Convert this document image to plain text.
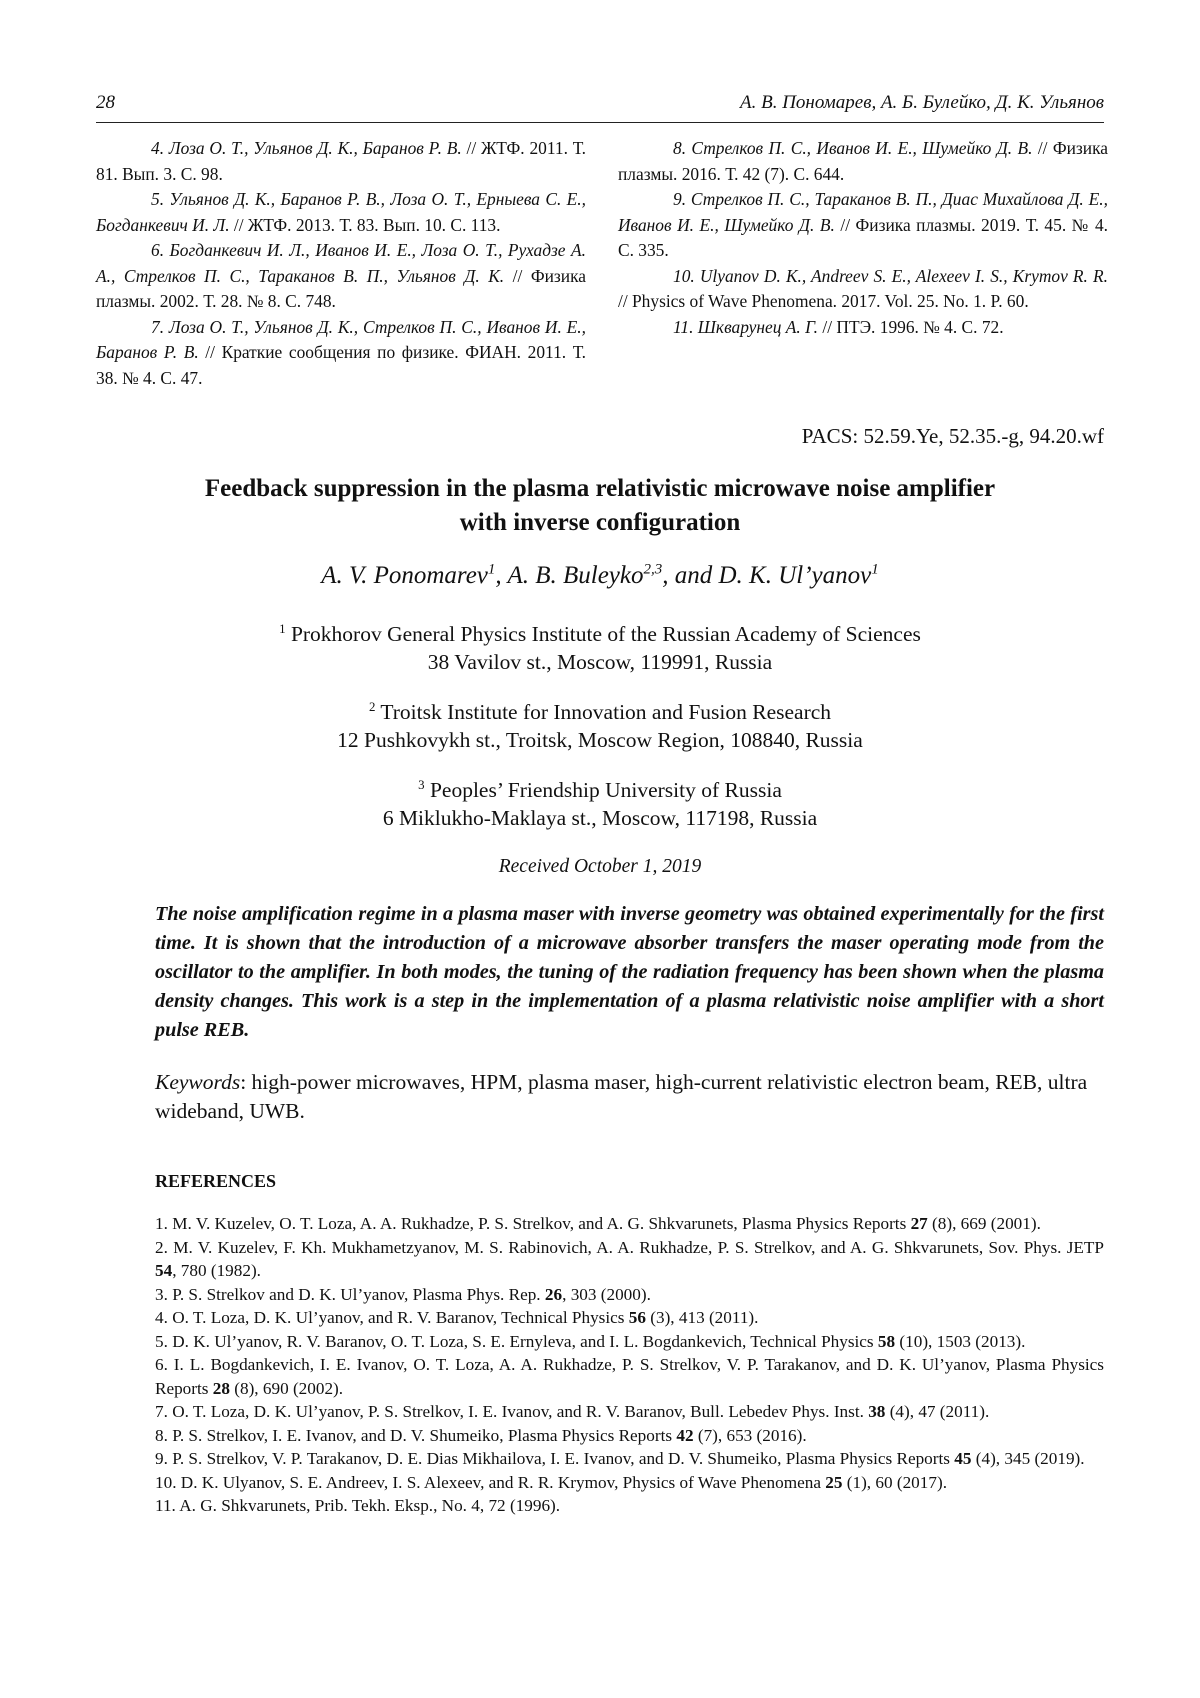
28	А. В. Пономарев, А. Б. Булейко, Д. К. Ульянов

4. Лоза О. Т., Ульянов Д. К., Баранов Р. В. // ЖТФ. 2011. Т. 81. Вып. 3. С. 98.

5. Ульянов Д. К., Баранов Р. В., Лоза О. Т., Ерныева С. Е., Богданкевич И. Л. // ЖТФ. 2013. Т. 83. Вып. 10. С. 113.

6. Богданкевич И. Л., Иванов И. Е., Лоза О. Т., Рухадзе А. А., Стрелков П. С., Тараканов В. П., Ульянов Д. К. // Физика плазмы. 2002. Т. 28. № 8. С. 748.

7. Лоза О. Т., Ульянов Д. К., Стрелков П. С., Иванов И. Е., Баранов Р. В. // Краткие сообщения по физике. ФИАН. 2011. Т. 38. № 4. С. 47.

8. Стрелков П. С., Иванов И. Е., Шумейко Д. В. // Физика плазмы. 2016. Т. 42 (7). С. 644.

9. Стрелков П. С., Тараканов В. П., Диас Михайлова Д. Е., Иванов И. Е., Шумейко Д. В. // Физика плазмы. 2019. Т. 45. № 4. С. 335.

10. Ulyanov D. K., Andreev S. E., Alexeev I. S., Krymov R. R. // Physics of Wave Phenomena. 2017. Vol. 25. No. 1. P. 60.

11. Шкварунец А. Г. // ПТЭ. 1996. № 4. С. 72.

PACS: 52.59.Ye, 52.35.-g, 94.20.wf
Feedback suppression in the plasma relativistic microwave noise amplifier
with inverse configuration
A. V. Ponomarev1, A. B. Buleyko2,3, and D. K. Ul’yanov1
1 Prokhorov General Physics Institute of the Russian Academy of Sciences
38 Vavilov st., Moscow, 119991, Russia
2 Troitsk Institute for Innovation and Fusion Research
12 Pushkovykh st., Troitsk, Moscow Region, 108840, Russia
3 Peoples’ Friendship University of Russia
6 Miklukho-Maklaya st., Moscow, 117198, Russia
Received October 1, 2019
The noise amplification regime in a plasma maser with inverse geometry was obtained experimentally for the first time. It is shown that the introduction of a microwave absorber transfers the maser operating mode from the oscillator to the amplifier. In both modes, the tuning of the radiation frequency has been shown when the plasma density changes. This work is a step in the implementation of a plasma relativistic noise amplifier with a short pulse REB.
Keywords: high-power microwaves, HPM, plasma maser, high-current relativistic electron beam, REB, ultra wideband, UWB.
REFERENCES

1. M. V. Kuzelev, O. T. Loza, A. A. Rukhadze, P. S. Strelkov, and A. G. Shkvarunets, Plasma Physics Reports 27 (8), 669 (2001).

2. M. V. Kuzelev, F. Kh. Mukhametzyanov, M. S. Rabinovich, A. A. Rukhadze, P. S. Strelkov, and A. G. Shkvarunets, Sov. Phys. JETP 54, 780 (1982).

3. P. S. Strelkov and D. K. Ul’yanov, Plasma Phys. Rep. 26, 303 (2000).

4. O. T. Loza, D. K. Ul’yanov, and R. V. Baranov, Technical Physics 56 (3), 413 (2011).

5. D. K. Ul’yanov, R. V. Baranov, O. T. Loza, S. E. Ernyleva, and I. L. Bogdankevich, Technical Physics 58 (10), 1503 (2013).

6. I. L. Bogdankevich, I. E. Ivanov, O. T. Loza, A. A. Rukhadze, P. S. Strelkov, V. P. Tarakanov, and D. K. Ul’yanov, Plasma Physics Reports 28 (8), 690 (2002).

7. O. T. Loza, D. K. Ul’yanov, P. S. Strelkov, I. E. Ivanov, and R. V. Baranov, Bull. Lebedev Phys. Inst. 38 (4), 47 (2011).

8. P. S. Strelkov, I. E. Ivanov, and D. V. Shumeiko, Plasma Physics Reports 42 (7), 653 (2016).

9. P. S. Strelkov, V. P. Tarakanov, D. E. Dias Mikhailova, I. E. Ivanov, and D. V. Shumeiko, Plasma Physics Reports 45 (4), 345 (2019).

10. D. K. Ulyanov, S. E. Andreev, I. S. Alexeev, and R. R. Krymov, Physics of Wave Phenomena 25 (1), 60 (2017).

11. A. G. Shkvarunets, Prib. Tekh. Eksp., No. 4, 72 (1996).
